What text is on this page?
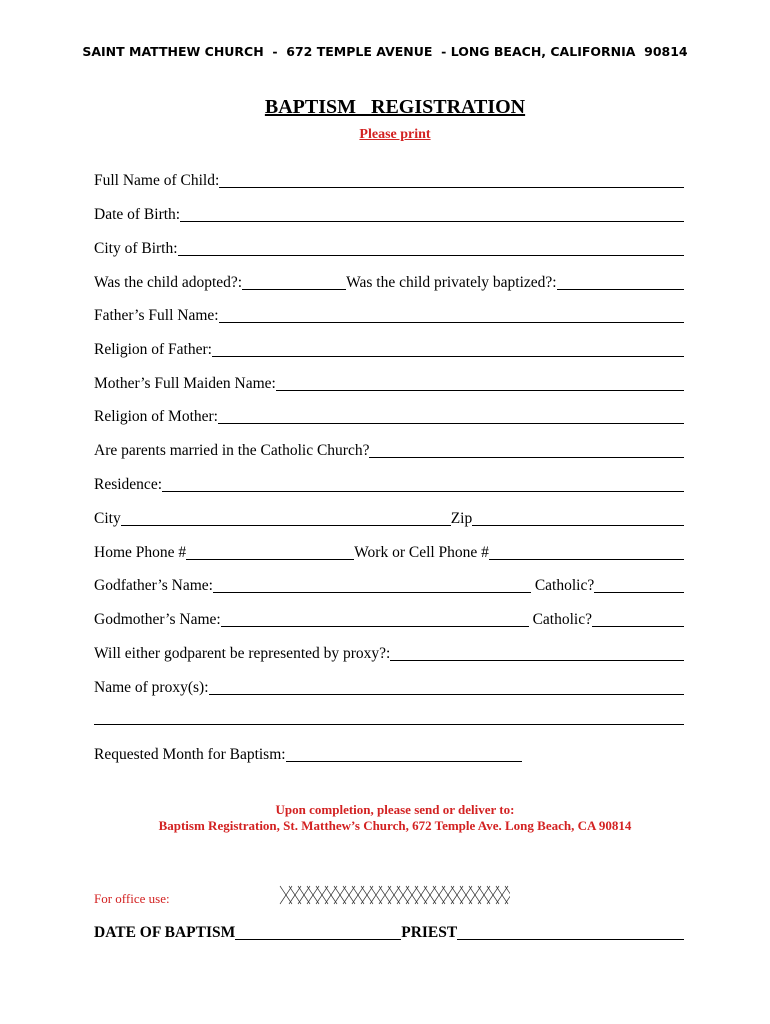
SAINT MATTHEW CHURCH  -  672 TEMPLE AVENUE  - LONG BEACH, CALIFORNIA  90814
BAPTISM   REGISTRATION
Please print
Full Name of Child:
Date of Birth:
City of Birth:
Was the child adopted?:	Was the child privately baptized?:
Father’s Full Name:
Religion of Father:
Mother’s Full Maiden Name:
Religion of Mother:
Are parents married in the Catholic Church?
Residence:
City	Zip
Home Phone #	Work or Cell Phone #
Godfather’s Name:	Catholic?
Godmother’s Name:	Catholic?
Will either godparent be represented by proxy?:
Name of proxy(s):
Requested Month for Baptism:
Upon completion, please send or deliver to:
Baptism Registration, St. Matthew’s Church, 672 Temple Ave. Long Beach, CA 90814
For office use:
DATE OF BAPTISM	PRIEST
